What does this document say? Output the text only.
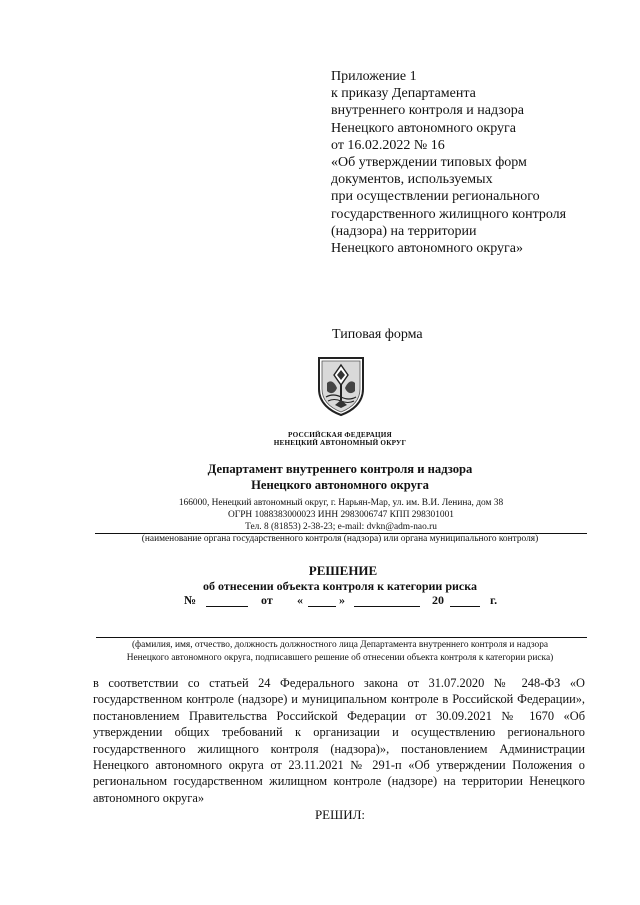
Приложение 1
к приказу Департамента
внутреннего контроля и надзора
Ненецкого автономного округа
от 16.02.2022 № 16
«Об утверждении типовых форм
документов, используемых
при осуществлении регионального
государственного жилищного контроля
(надзора) на территории
Ненецкого автономного округа»
Типовая форма
РОССИЙСКАЯ ФЕДЕРАЦИЯ
НЕНЕЦКИЙ АВТОНОМНЫЙ ОКРУГ
Департамент внутреннего контроля и надзора
Ненецкого автономного округа
166000, Ненецкий автономный округ, г. Нарьян-Мар, ул. им. В.И. Ленина, дом 38
ОГРН 1088383000023 ИНН 2983006747 КПП 298301001
Тел. 8 (81853) 2-38-23; e-mail: dvkn@adm-nao.ru
(наименование органа государственного контроля (надзора) или органа муниципального контроля)
РЕШЕНИЕ
об отнесении объекта контроля к категории риска
№	от «	»	20	г.
(фамилия, имя, отчество, должность должностного лица Департамента внутреннего контроля и надзора
Ненецкого автономного округа, подписавшего решение об отнесении объекта контроля к категории риска)
в соответствии со статьей 24 Федерального закона от 31.07.2020 № 248-ФЗ «О государственном контроле (надзоре) и муниципальном контроле в Российской Федерации», постановлением Правительства Российской Федерации от 30.09.2021 № 1670 «Об утверждении общих требований к организации и осуществлению регионального государственного жилищного контроля (надзора)», постановлением Администрации Ненецкого автономного округа от 23.11.2021 № 291-п «Об утверждении Положения о региональном государственном жилищном контроле (надзоре) на территории Ненецкого автономного округа»
РЕШИЛ:
